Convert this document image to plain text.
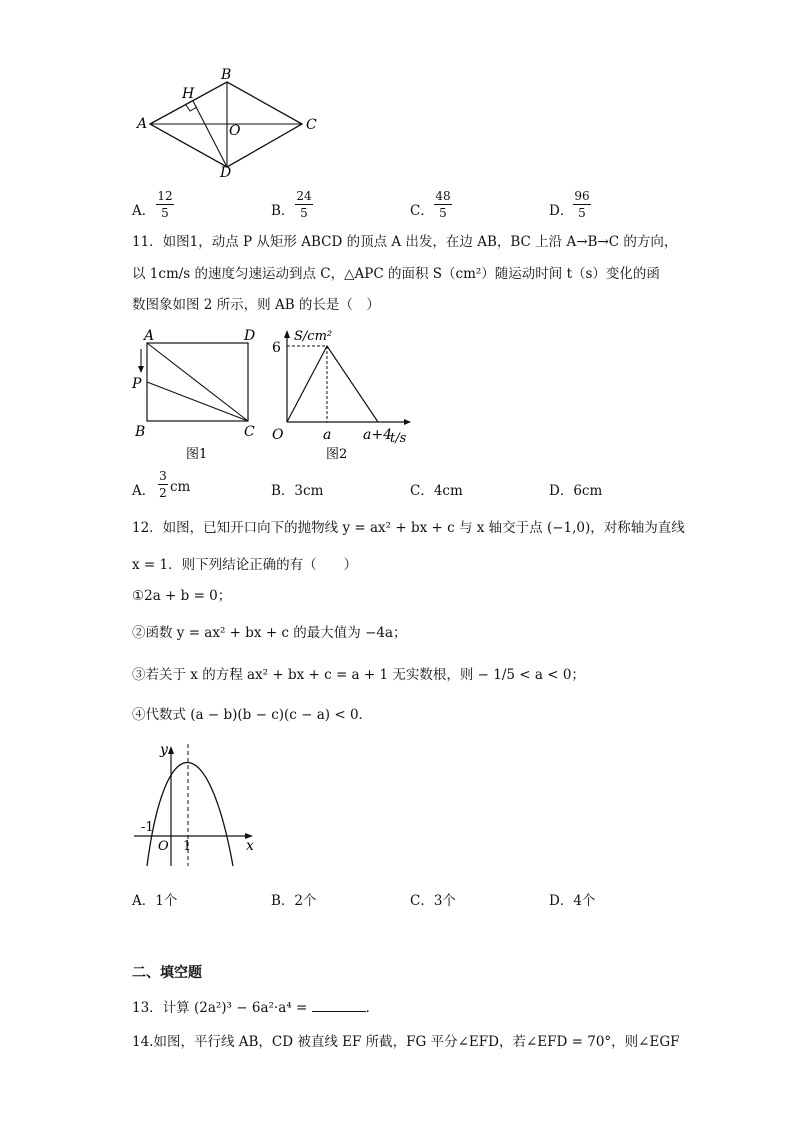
A
B
C
D
H
O
A．
12
5	B．
24
5	C．
48
5	D．
96
5
11．如图1，动点 P 从矩形 ABCD 的顶点 A 出发，在边 AB，BC 上沿 A→B→C 的方向，
以 1cm/s 的速度匀速运动到点 C，△APC 的面积 S（cm²）随运动时间 t（s）变化的函
数图象如图 2 所示，则 AB 的长是（　）
A	D
P
B	C
图1
S/cm²
6
O	a a+4
t/s
图2
A．
3
2 cm	B．3cm	C．4cm	D．6cm
12．如图，已知开口向下的抛物线 y = ax² + bx + c 与 x 轴交于点 (−1,0)，对称轴为直线
x = 1．则下列结论正确的有（　　）
①2a + b = 0；
②函数 y = ax² + bx + c 的最大值为 −4a；
③若关于 x 的方程 ax² + bx + c = a + 1 无实数根，则 − 1/5 < a < 0；
④代数式 (a − b)(b − c)(c − a) < 0．
y
x
-1
O 1
A．1个	B．2个	C．3个	D．4个
二、填空题
13．计算 (2a²)³ − 6a²·a⁴ =	．
14.如图，平行线 AB，CD 被直线 EF 所截，FG 平分∠EFD，若∠EFD = 70°，则∠EGF
